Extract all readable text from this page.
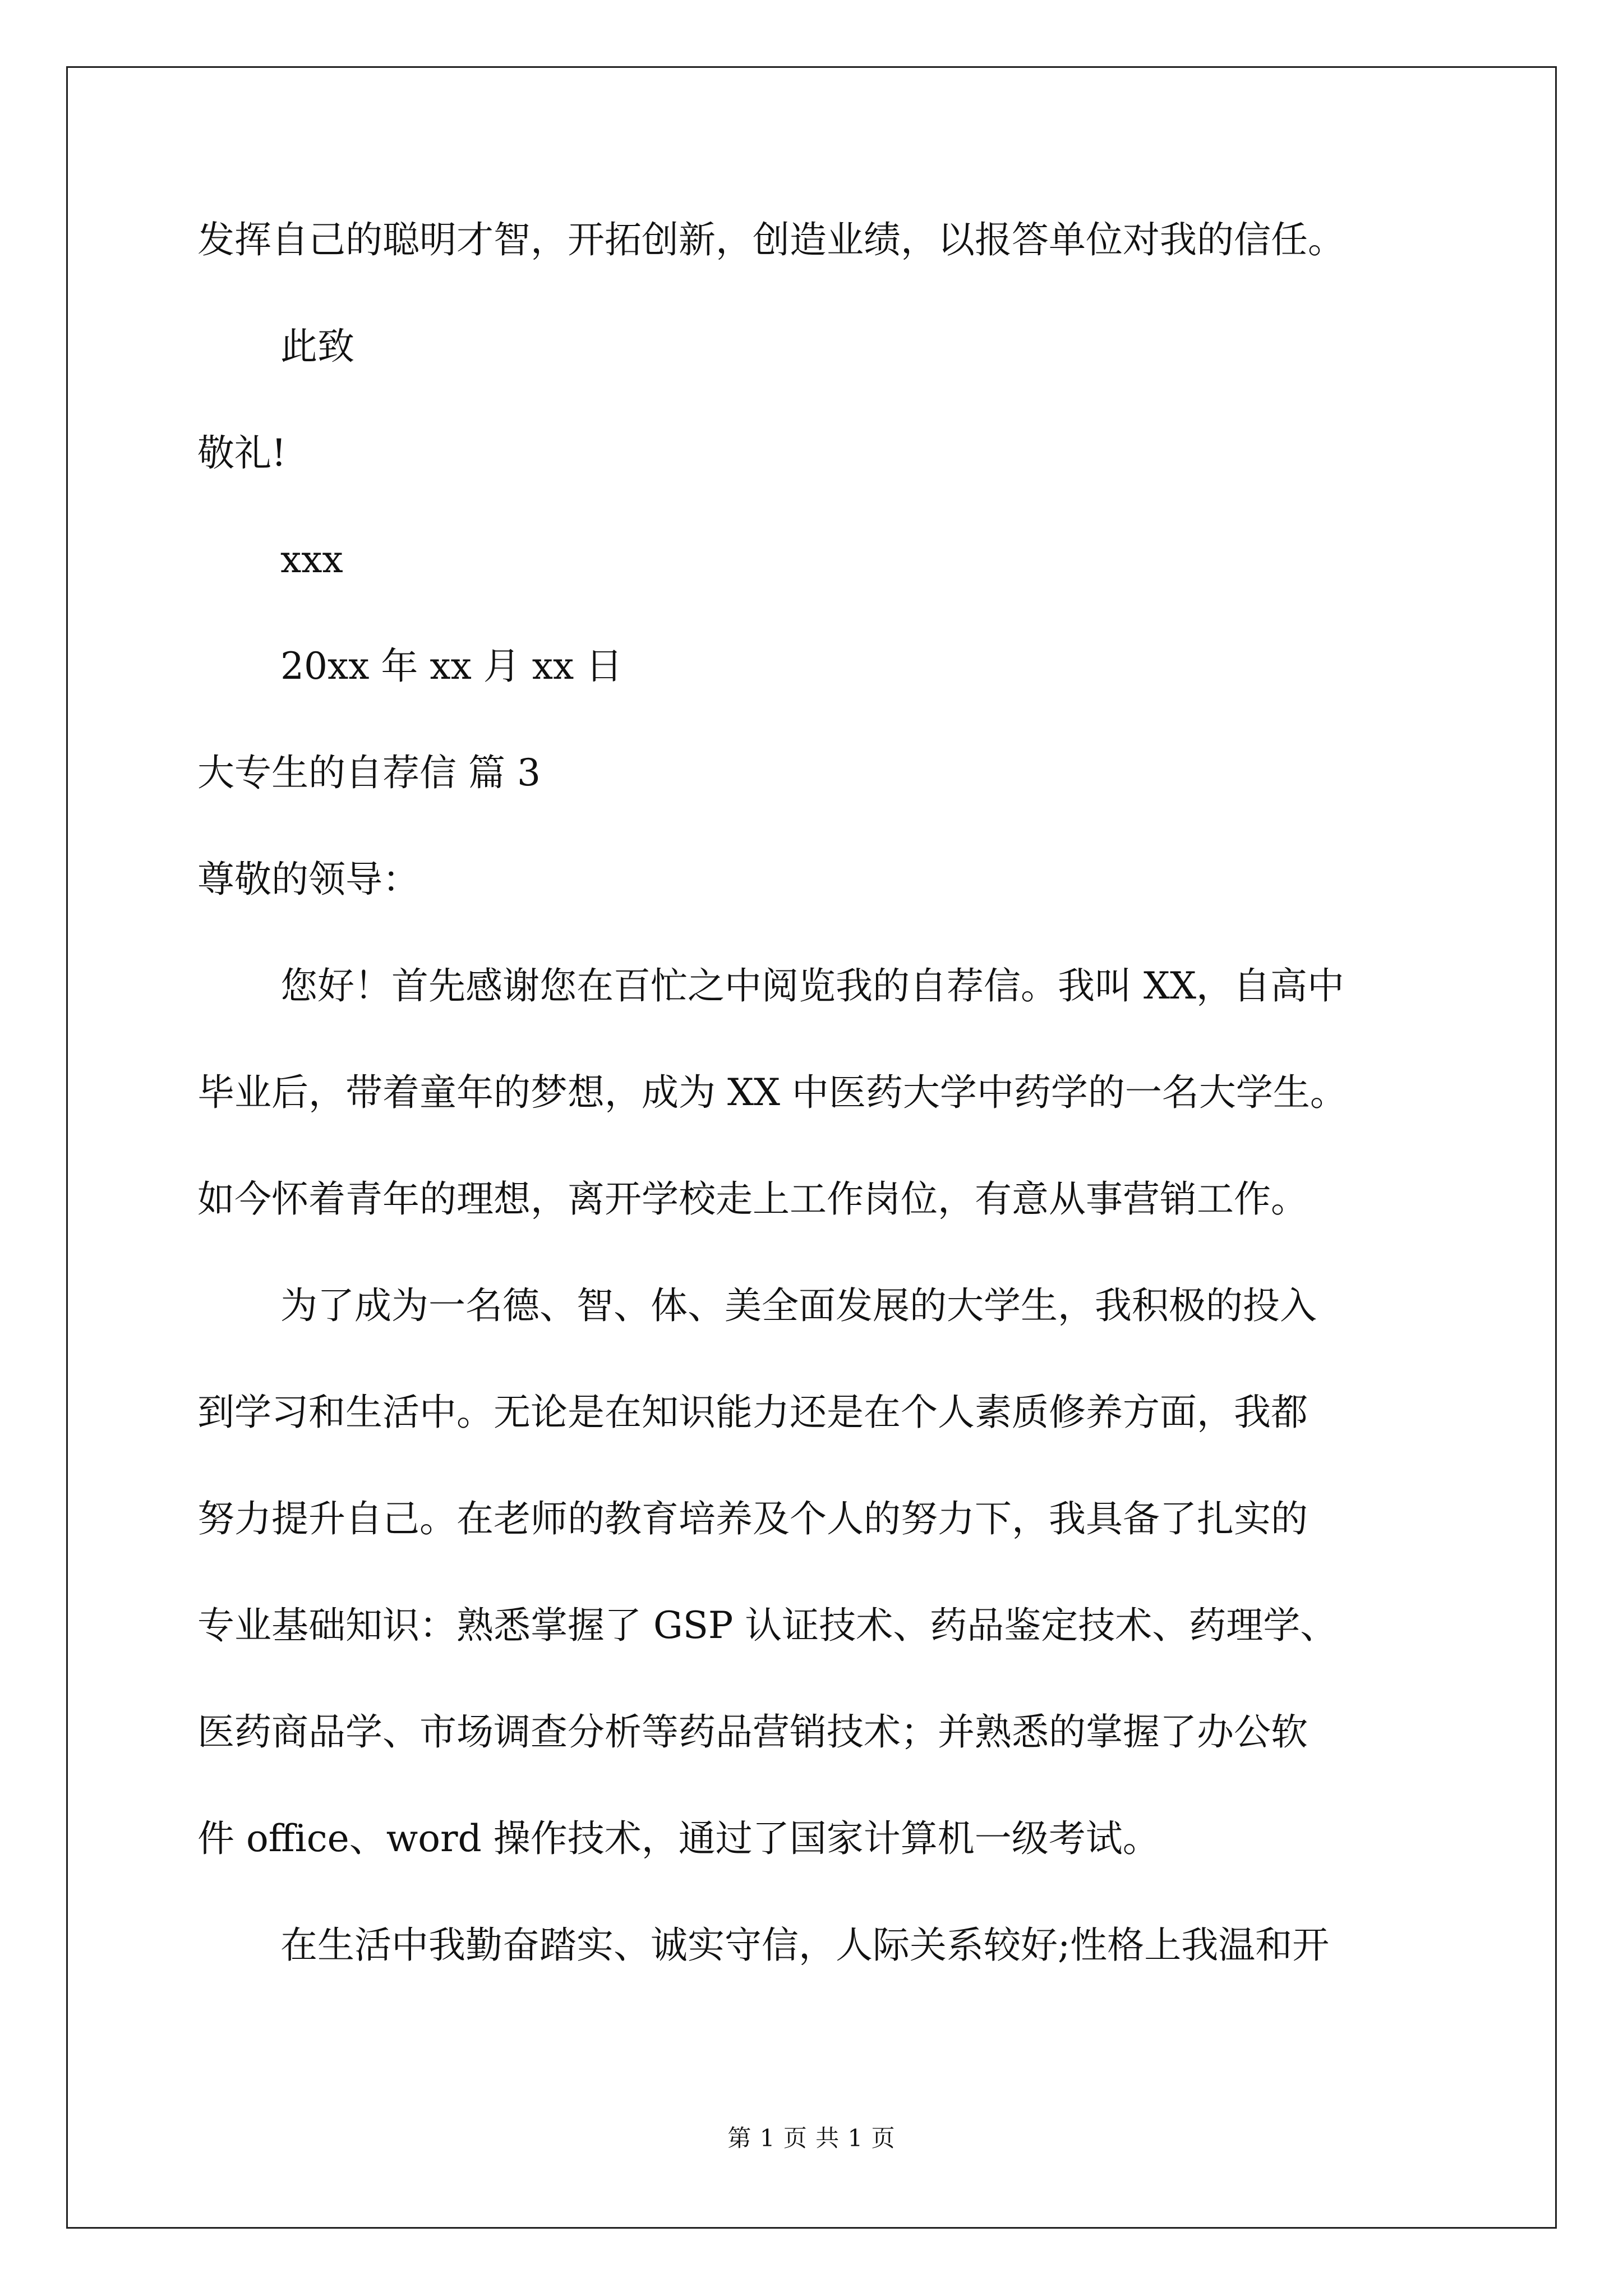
发挥自己的聪明才智，开拓创新，创造业绩，以报答单位对我的信任。
此致
敬礼!
xxx
20xx 年 xx 月 xx 日
大专生的自荐信 篇 3
尊敬的领导：
您好！首先感谢您在百忙之中阅览我的自荐信。我叫 XX，自高中
毕业后，带着童年的梦想，成为 XX 中医药大学中药学的一名大学生。
如今怀着青年的理想，离开学校走上工作岗位，有意从事营销工作。
为了成为一名德、智、体、美全面发展的大学生，我积极的投入
到学习和生活中。无论是在知识能力还是在个人素质修养方面，我都
努力提升自己。在老师的教育培养及个人的努力下，我具备了扎实的
专业基础知识：熟悉掌握了 GSP 认证技术、药品鉴定技术、药理学、
医药商品学、市场调查分析等药品营销技术；并熟悉的掌握了办公软
件 office、word 操作技术，通过了国家计算机一级考试。
在生活中我勤奋踏实、诚实守信，人际关系较好;性格上我温和开
第 1 页 共 1 页
